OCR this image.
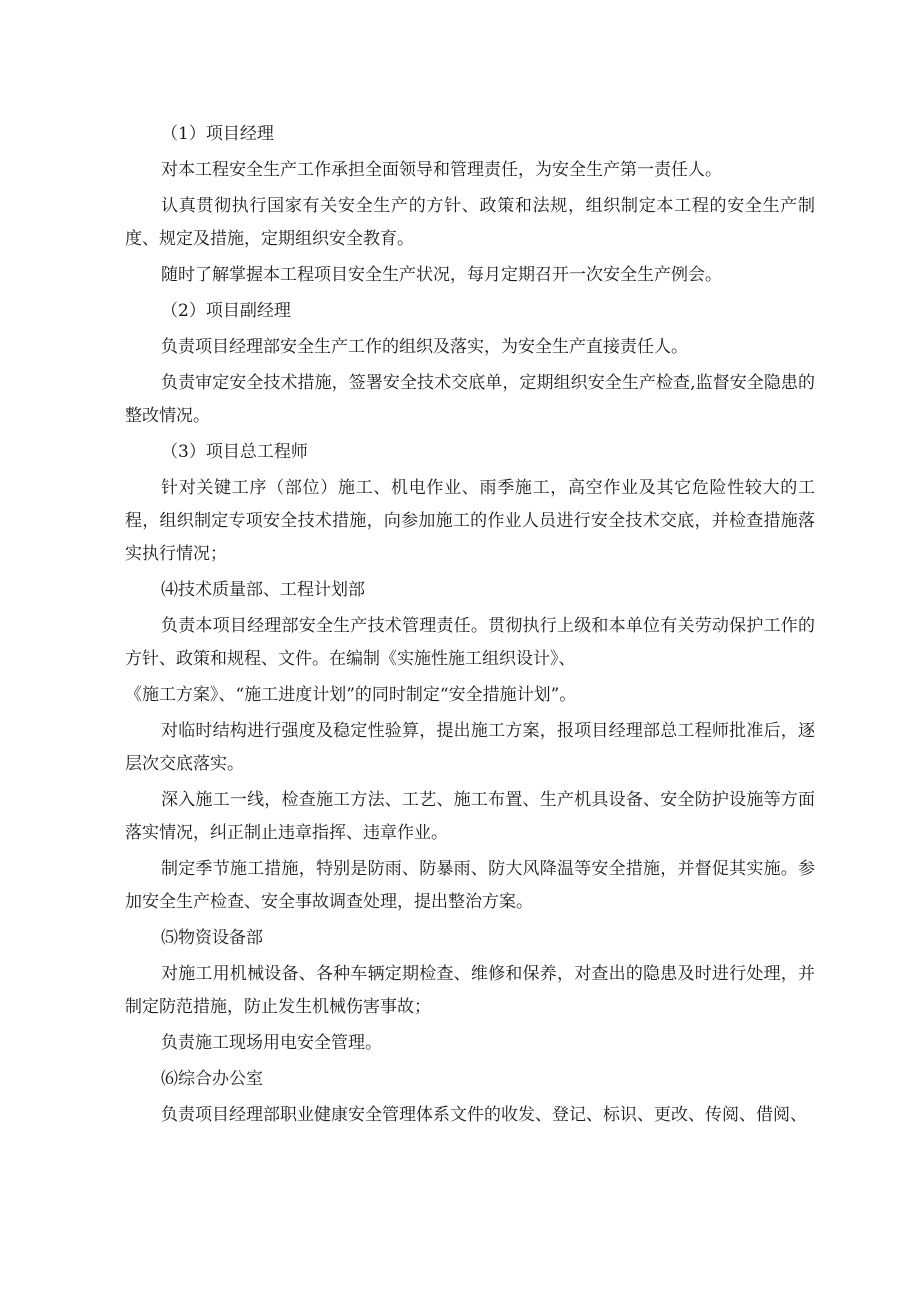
（1）项目经理

对本工程安全生产工作承担全面领导和管理责任，为安全生产第一责任人。

认真贯彻执行国家有关安全生产的方针、政策和法规，组织制定本工程的安全生产制度、规定及措施，定期组织安全教育。

随时了解掌握本工程项目安全生产状况，每月定期召开一次安全生产例会。

（2）项目副经理

负责项目经理部安全生产工作的组织及落实，为安全生产直接责任人。

负责审定安全技术措施，签署安全技术交底单，定期组织安全生产检查,监督安全隐患的整改情况。

（3）项目总工程师

针对关键工序（部位）施工、机电作业、雨季施工，高空作业及其它危险性较大的工程，组织制定专项安全技术措施，向参加施工的作业人员进行安全技术交底，并检查措施落实执行情况；

⑷技术质量部、工程计划部

负责本项目经理部安全生产技术管理责任。贯彻执行上级和本单位有关劳动保护工作的方针、政策和规程、文件。在编制《实施性施工组织设计》、

《施工方案》、“施工进度计划”的同时制定“安全措施计划”。

对临时结构进行强度及稳定性验算，提出施工方案，报项目经理部总工程师批准后，逐层次交底落实。

深入施工一线，检查施工方法、工艺、施工布置、生产机具设备、安全防护设施等方面落实情况，纠正制止违章指挥、违章作业。

制定季节施工措施，特别是防雨、防暴雨、防大风降温等安全措施，并督促其实施。参加安全生产检查、安全事故调查处理，提出整治方案。

⑸物资设备部

对施工用机械设备、各种车辆定期检查、维修和保养，对查出的隐患及时进行处理，并制定防范措施，防止发生机械伤害事故；

负责施工现场用电安全管理。

⑹综合办公室

负责项目经理部职业健康安全管理体系文件的收发、登记、标识、更改、传阅、借阅、
